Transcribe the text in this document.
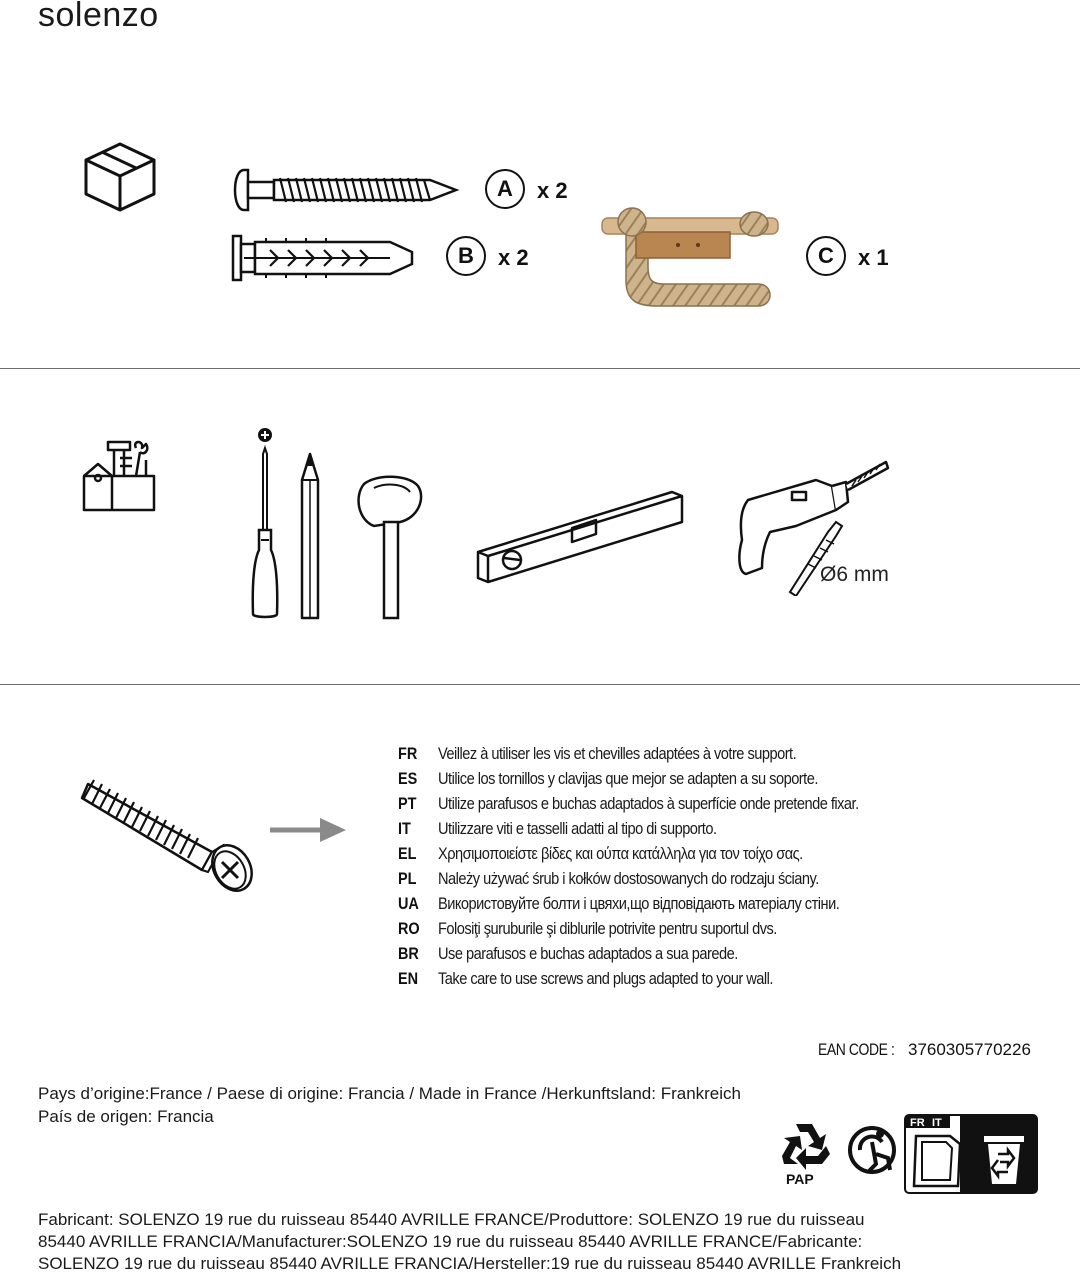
solenzo
A	x 2
B	x 2	C	x 1
Ø6 mm
FR	Veillez à utiliser les vis et chevilles adaptées à votre support.
ES	Utilice los tornillos y clavijas que mejor se adapten a su soporte.
PT	Utilize parafusos e buchas adaptados à superfície onde pretende fixar.
IT	Utilizzare viti e tasselli adatti al tipo di supporto.
EL	Χρησιμοποιείστε βίδες και ούπα κατάλληλα για τον τοίχο σας.
PL	Należy używać śrub i kołków dostosowanych do rodzaju ściany.
UA	Використовуйте болти і цвяхи,що відповідають матеріалу стіни.
RO	Folosiţi şuruburile şi diblurile potrivite pentru suportul dvs.
BR	Use parafusos e buchas adaptados a sua parede.
EN	Take care to use screws and plugs adapted to your wall.
EAN CODE : 3760305770226
Pays d’origine:France / Paese di origine: Francia / Made in France /Herkunftsland: Frankreich
País de origen: Francia
PAP
FR IT
Fabricant: SOLENZO 19 rue du ruisseau 85440 AVRILLE FRANCE/Produttore: SOLENZO 19 rue du ruisseau
85440 AVRILLE FRANCIA/Manufacturer:SOLENZO 19 rue du ruisseau 85440 AVRILLE FRANCE/Fabricante:
SOLENZO 19 rue du ruisseau 85440 AVRILLE FRANCIA/Hersteller:19 rue du ruisseau 85440 AVRILLE Frankreich
